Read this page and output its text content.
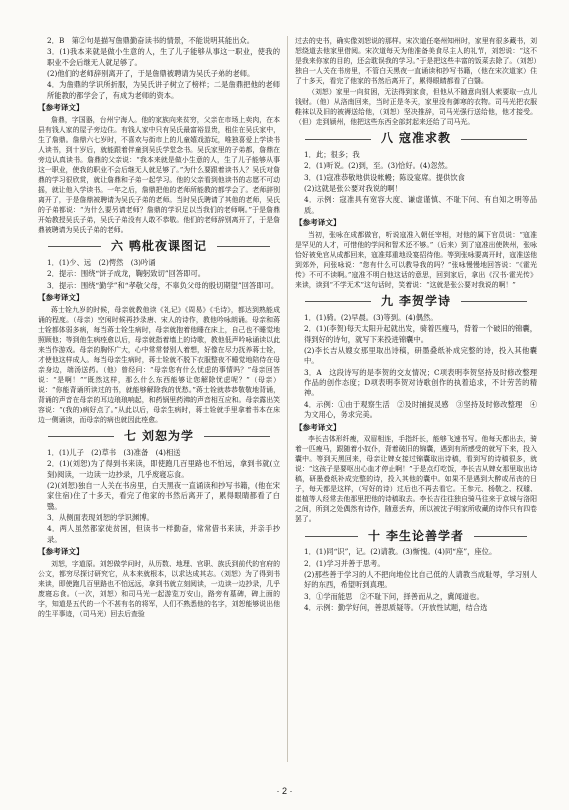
2．B　第②句是描写詹鼎勤奋读书的情景，不能说明其能出众。

3．(1)我本来就是做小生意的人，生了儿子能够从事这一职业，使我的职业不会后继无人就足够了。

(2)他们的老师辞别离开了，于是詹鼎被聘请为吴氏子弟的老师。

4．为詹鼎的学识所折服，为吴氏讲子树立了榜样；二是詹鼎把他的老师所能教的都学会了，有成为老师的资本。

【参考译文】

詹鼎，字国器，台州宁海人。他的家族向来贫穷，父亲在市场上卖肉，在本县有钱人家的屋子旁边住。有钱人家中只有吴氏最富裕显贵，租住在吴氏家中，生了詹鼎。詹鼎六七岁时，不喜欢与街市上的儿童嬉戏游玩，唯独喜爱上学读书人读书，到十岁后，就能跟着伴童到吴氏学堂念书。吴氏家里的子弟都，詹鼎在旁边认真读书。詹鼎的父亲说：“我本来就是做小生意的人，生了儿子能够从事这一职业，使我的职业不会后继无人就足够了。”为什么要跟着读书人？吴氏对詹鼎的学习很欣赏，就让詹鼎和子弟一起学习。他的父亲看到他读书的志愿不可动摇，就让他入学读书。一年之后，詹鼎把他的老师所能教的都学会了。老师辞别离开了，于是詹鼎被聘请为吴氏子弟的老师。当时吴氏聘请了其他的老师，吴氏的子弟都说：“为什么要另请老师？詹鼎的学识足以当我们的老师啊。”于是詹鼎开始教授吴氏子弟，吴氏子弟没有人敢不恭敬。他们的老师辞别离开了，于是詹鼎被聘请为吴氏子弟的老师。

六 鸭枇夜课图记

1．(1)少、远　(2)愕然　(3)吟诵

2．提示：围绕“饼子成龙，鞠躬致切”回答即可。

3．提示：围绕“勤学”和“孝敬父母，不辜负父母的殷切期望”回答即可。

【参考译文】

蒋士铨九岁的时候，母亲就教他读《礼记》《周易》《毛诗》，都达到熟能成诵的程度。（母亲）空闲时候再抄录唐、宋人的诗作，教他吟咏朗诵。母亲和蒋士铨都体弱多病，每当蒋士铨生病时，母亲就抱着他睡在床上，自己也不睡觉地照顾他；等到他生病痊愈以后，母亲就指着墙上的诗歌，教他低声吟咏诵读以此来当作游戏。母亲的胸怀广大，心中常常替别人着想，好像在尽力抚养蒋士铨，才使他这样成人。每当母亲生病时，蒋士铨就不脱下衣服整夜不睡觉地陪侍在母亲身边，端汤送药。（他）曾经问：“母亲您有什么忧虑的事情吗？”母亲回答说：“是啊！”“既然这样，那么什么东西能够让您解除忧虑呢？”（母亲）说：“你能背诵所读过的书，就能够解除我的忧愁。”蒋士铨就恭恭敬敬地背诵，背诵的声音在母亲的耳边琅琅响起，和药锅里药沸的声音相互应和。母亲露出笑容说：“(我的)病好点了。”从此以后，母亲生病时，蒋士铨就手里拿着书本在床边一侧诵读，而母亲的病也就因此痊愈。

七 刘恕为学

1．(1)儿子　(2)草书　(3)准备　(4)相送

2．(1)(刘恕)为了得到书来读，即使跑几百里路也不怕远，拿到书就(立刻)阅读，一边读一边抄录，几乎废寝忘食。

(2)(刘恕)独自一人关在书房里，白天黑夜一直诵读和抄写书籍，(他在宋家住宿)住了十多天，看完了他家的书然后离开了，累得眼睛都看了白翳。

3．从侧面表现刘恕的学识渊博。

4．两人虽然都家徒贫困，但读书一样勤奋，常常借书来读，并亲手抄录。

【参考译文】

刘恕，字道原。刘恕做学问时，从历数、地理、官职、族氏到前代的官府的公文，都穷尽探讨研究它，从本来就根本，以求达成其志。（刘恕）为了得到书来读，即使跑几百里路也不怕远远，拿到书就立刻阅读，一边读一边抄录，几乎废寝忘食。（一次，刘恕）和司马光一起游览万安山，路旁有墓碑，碑上面的字，知道是五代的一个不甚有名的将军，人们不熟悉他的名字，刘恕能够说出他的生平事迹，（司马光）回去后查验

过去的史书，确实像刘恕说的那样。宋次道任亳州知州时，家里有很多藏书，刘恕绕道去他家里借阅。宋次道每天为他准备美食尽主人的礼节，刘恕说：“这不是我来你家的目的，还会耽误我的学习。”于是把这些丰富的饭菜去除了。（刘恕）独自一人关在书房里，不管白天黑夜一直诵读和抄写书籍，（他在宋次道家）住了十多天，看完了他家的书然后离开了，累得眼睛都看了白翳。

（刘恕）家里一向贫困，无法得到家食，但他从不随意向别人索要取一点儿钱财。（他）从洛南回来，当时正是冬天，家里没有御寒的衣物。司马光把衣服鞋袜以及旧的被褥送给他，（刘恕）坚决推辞，司马光强行送给他，他才接受。（但）走到颍州，他把这些东西全部封起来还给了司马光。

八 寇准求教

1．此；很多；我

2．(1)听说。(2)到，至。(3)恰好。(4)忽然。

3．(1)寇准恭敬地供设帐幔；陈设宴席。提供饮食

(2)这就是张公要对我说的啊！

4．示例：寇准具有宽容大度、谦虚谨慎、不耻下问、有自知之明等品质。

【参考译文】

当初，张咏在成都做官，听说寇准入朝任宰相，对他的属下官员说：“寇准是罕见的人才，可惜他的学问和智术还不够。”（后来）到了寇准出使陕州，张咏恰好被免官从成都回来，寇准郑重地设宴招待他。等到张咏要离开时，寇准送他到郊外，问张咏说：“您有什么可以教导我的吗？”张咏慢慢地回答说：“《霍光传》不可不读啊。”寇准不明白他这话的意思，回到家后，拿出《汉书·霍光传》来读，读到“不学无术”这句话时，笑着说：“这就是张公要对我说的啊！”

九 李贺学诗

1．(1)骑。(2)早晨。(3)等到。(4)偶然。

2．(1)(李贺)每天太阳升起就出发，骑着匹瘦马，背着一个破旧的锦囊，得到好的诗句，就写下来投进锦囊中。

(2)李长吉从嫂女那里取出诗稿，研墨叠纸补成完整的诗，投入其他囊中。

3．A　这段诗写的是李贺的交友情况；C项表明李贺坚持及时修改整理作品的创作态度；D项表明李贺对诗歌创作的执着追求，不计劳苦的精神。

4．示例：①由于观察生活　②及时捕捉灵感　③坚持及时修改整理　④为文用心，务求完美。

【参考译文】

李长吉体形纤瘦，双眉相连，手指纤长，能够飞速书写。他每天都出去，骑着一匹瘦马，跟随着小奴仆，背着破旧的锦囊，遇到有所感受的就写下来，投入囊中。等到天黑回来，母亲让婢女接过锦囊取出诗稿，看到写的诗稿很多，就说：“这孩子是要呕出心血才停止啊！”于是点灯吃饭，李长吉从婢女那里取出诗稿，研墨叠纸补成完整的诗，投入其他的囊中。如果不是遇到大醉或吊丧的日子，每天都是这样，（写好的诗）过后也不再去看它。王参元、杨敬之、权璩、崔植等人经常去他那里把他的诗稿取去。李长吉往往独自骑马往来于京城与洛阳之间，所到之处偶然有诗作，随意丢弃，所以被沈子明家所收藏的诗作只有四卷罢了。

十 李生论善学者

1．(1)同“识”，记。(2)请教。(3)惭愧。(4)同“座”，座位。

2．(1)学习并善于思考。

(2)那些善于学习的人不把向地位比自己低的人请教当成耻辱，学习别人好的东西，希望听到真理。

3．①学而能思　②不耻下问，择善而从之，冀闻道也。

4．示例：勤学好问，善思质疑等。（开放性试题，结合选

· 2 ·
